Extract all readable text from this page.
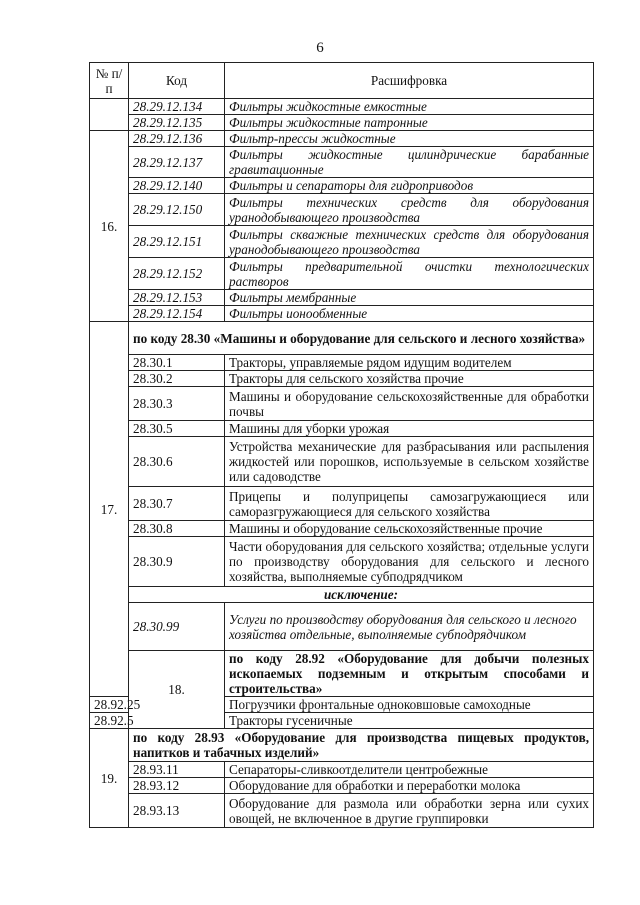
6
№ п/п	Код	Расшифровка
	28.29.12.134	Фильтры жидкостные емкостные
	28.29.12.135	Фильтры жидкостные патронные
16.	28.29.12.136	Фильтр-прессы жидкостные
	28.29.12.137	Фильтры жидкостные цилиндрические барабанные гравитационные
	28.29.12.140	Фильтры и сепараторы для гидроприводов
	28.29.12.150	Фильтры технических средств для оборудования уранодобывающего производства
	28.29.12.151	Фильтры скважные технических средств для оборудования уранодобывающего производства
	28.29.12.152	Фильтры предварительной очистки технологических растворов
	28.29.12.153	Фильтры мембранные
	28.29.12.154	Фильтры ионообменные
17.	по коду 28.30 «Машины и оборудование для сельского и лесного хозяйства»	
	28.30.1	Тракторы, управляемые рядом идущим водителем
	28.30.2	Тракторы для сельского хозяйства прочие
	28.30.3	Машины и оборудование сельскохозяйственные для обработки почвы
	28.30.5	Машины для уборки урожая
	28.30.6	Устройства механические для разбрасывания или распыления жидкостей или порошков, используемые в сельском хозяйстве или садоводстве
	28.30.7	Прицепы и полуприцепы самозагружающиеся или саморазгружающиеся для сельского хозяйства
	28.30.8	Машины и оборудование сельскохозяйственные прочие
	28.30.9	Части оборудования для сельского хозяйства; отдельные услуги по производству оборудования для сельского и лесного хозяйства, выполняемые субподрядчиком
	исключение:	
	28.30.99	Услуги по производству оборудования для сельского и лесного хозяйства отдельные, выполняемые субподрядчиком
	18.	по коду 28.92 «Оборудование для добычи полезных ископаемых подземным и открытым способами и строительства»
28.92.25		Погрузчики фронтальные одноковшовые самоходные
28.92.5		Тракторы гусеничные
19.	по коду 28.93 «Оборудование для производства пищевых продуктов, напитков и табачных изделий»	
	28.93.11	Сепараторы-сливкоотделители центробежные
	28.93.12	Оборудование для обработки и переработки молока
	28.93.13	Оборудование для размола или обработки зерна или сухих овощей, не включенное в другие группировки
